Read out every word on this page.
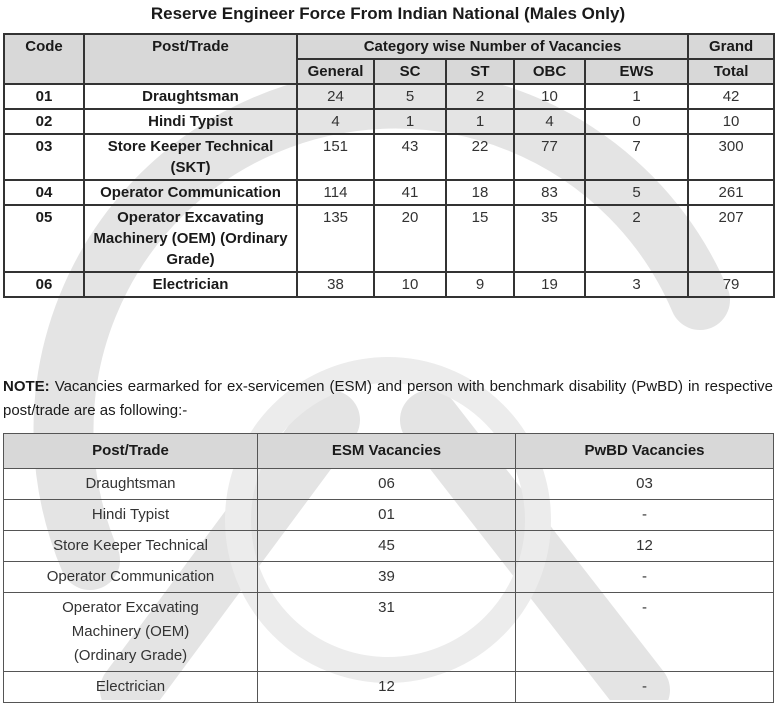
Reserve Engineer Force From Indian National (Males Only)
Code	Post/Trade	Category wise Number of Vacancies					Grand
		General	SC	ST	OBC	EWS	Total
01	Draughtsman	24	5	2	10	1	42
02	Hindi Typist	4	1	1	4	0	10
03	Store Keeper Technical (SKT)	151	43	22	77	7	300
04	Operator Communication	114	41	18	83	5	261
05	Operator Excavating Machinery (OEM) (Ordinary Grade)	135	20	15	35	2	207
06	Electrician	38	10	9	19	3	79
NOTE: Vacancies earmarked for ex-servicemen (ESM) and person with benchmark disability (PwBD) in respective post/trade are as following:-
Post/Trade	ESM Vacancies	PwBD Vacancies
Draughtsman	06	03
Hindi Typist	01	-
Store Keeper Technical	45	12
Operator Communication	39	-
Operator Excavating Machinery (OEM) (Ordinary Grade)	31	-
Electrician	12	-
